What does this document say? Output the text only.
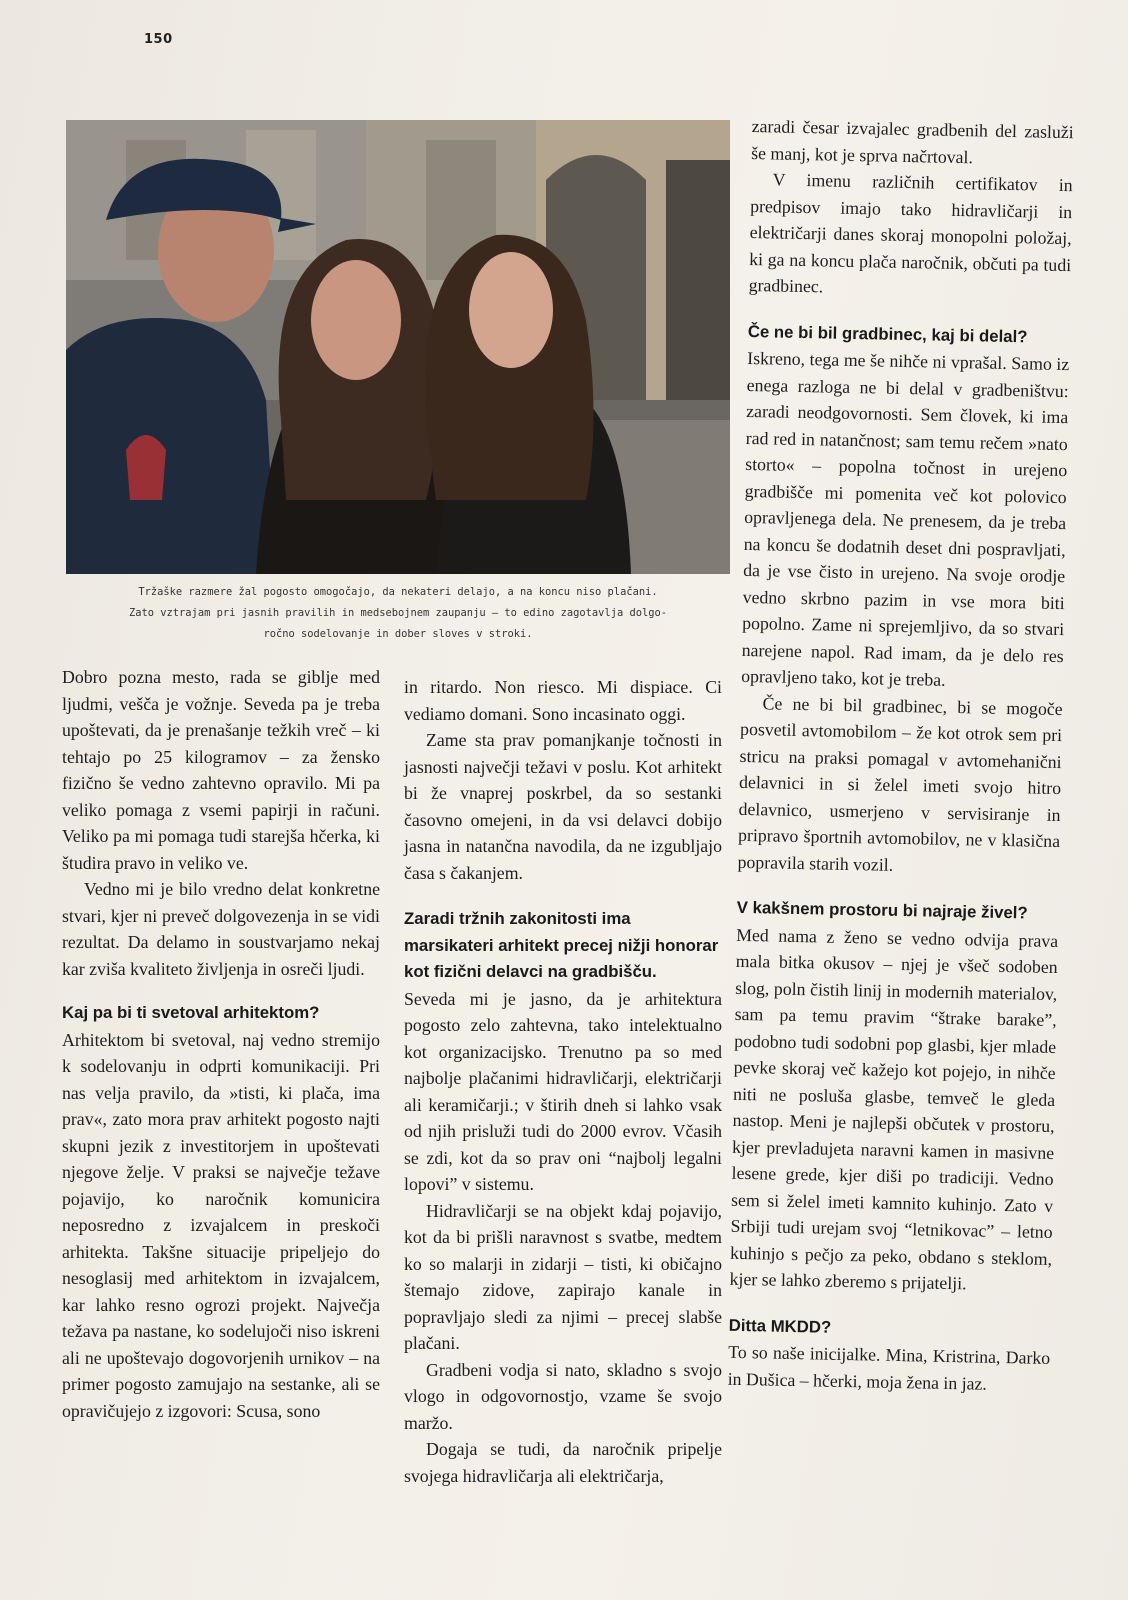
150
Tržaške razmere žal pogosto omogočajo, da nekateri delajo, a na koncu niso plačani.
Zato vztrajam pri jasnih pravilih in medsebojnem zaupanju – to edino zagotavlja dolgo-
ročno sodelovanje in dober sloves v stroki.

Dobro pozna mesto, rada se giblje med ljudmi, vešča je vožnje. Seveda pa je treba upoštevati, da je prenašanje težkih vreč – ki tehtajo po 25 kilogramov – za žensko fizično še vedno zahtevno opravilo. Mi pa veliko pomaga z vsemi papirji in računi. Veliko pa mi pomaga tudi starejša hčerka, ki študira pravo in veliko ve.

Vedno mi je bilo vredno delat konkretne stvari, kjer ni preveč dolgovezenja in se vidi rezultat. Da delamo in soustvarjamo nekaj kar zviša kvaliteto življenja in osreči ljudi.

Kaj pa bi ti svetoval arhitektom?

Arhitektom bi svetoval, naj vedno stremijo k sodelovanju in odprti komunikaciji. Pri nas velja pravilo, da »tisti, ki plača, ima prav«, zato mora prav arhitekt pogosto najti skupni jezik z investitorjem in upoštevati njegove želje. V praksi se največje težave pojavijo, ko naročnik komunicira neposredno z izvajalcem in preskoči arhitekta. Takšne situacije pripeljejo do nesoglasij med arhitektom in izvajalcem, kar lahko resno ogrozi projekt. Največja težava pa nastane, ko sodelujoči niso iskreni ali ne upoštevajo dogovorjenih urnikov – na primer pogosto zamujajo na sestanke, ali se opravičujejo z izgovori: Scusa, sono

in ritardo. Non riesco. Mi dispiace. Ci vediamo domani. Sono incasinato oggi.

Zame sta prav pomanjkanje točnosti in jasnosti največji težavi v poslu. Kot arhitekt bi že vnaprej poskrbel, da so sestanki časovno omejeni, in da vsi delavci dobijo jasna in natančna navodila, da ne izgubljajo časa s čakanjem.

Zaradi tržnih zakonitosti ima marsikateri arhitekt precej nižji honorar kot fizični delavci na gradbišču.

Seveda mi je jasno, da je arhitektura pogosto zelo zahtevna, tako intelektualno kot organizacijsko. Trenutno pa so med najbolje plačanimi hidravličarji, električarji ali keramičarji.; v štirih dneh si lahko vsak od njih prisluži tudi do 2000 evrov. Včasih se zdi, kot da so prav oni “najbolj legalni lopovi” v sistemu.

Hidravličarji se na objekt kdaj pojavijo, kot da bi prišli naravnost s svatbe, medtem ko so malarji in zidarji – tisti, ki običajno štemajo zidove, zapirajo kanale in popravljajo sledi za njimi – precej slabše plačani.

Gradbeni vodja si nato, skladno s svojo vlogo in odgovornostjo, vzame še svojo maržo.

Dogaja se tudi, da naročnik pripelje svojega hidravličarja ali električarja,

zaradi česar izvajalec gradbenih del zasluži še manj, kot je sprva načrtoval.

V imenu različnih certifikatov in predpisov imajo tako hidravličarji in električarji danes skoraj monopolni položaj, ki ga na koncu plača naročnik, občuti pa tudi gradbinec.

Če ne bi bil gradbinec, kaj bi delal?

Iskreno, tega me še nihče ni vprašal. Samo iz enega razloga ne bi delal v gradbeništvu: zaradi neodgovornosti. Sem človek, ki ima rad red in natančnost; sam temu rečem »nato storto« – popolna točnost in urejeno gradbišče mi pomenita več kot polovico opravljenega dela. Ne prenesem, da je treba na koncu še dodatnih deset dni pospravljati, da je vse čisto in urejeno. Na svoje orodje vedno skrbno pazim in vse mora biti popolno. Zame ni sprejemljivo, da so stvari narejene napol. Rad imam, da je delo res opravljeno tako, kot je treba.

Če ne bi bil gradbinec, bi se mogoče posvetil avtomobilom – že kot otrok sem pri stricu na praksi pomagal v avtomehanični delavnici in si želel imeti svojo hitro delavnico, usmerjeno v servisiranje in pripravo športnih avtomobilov, ne v klasična popravila starih vozil.

V kakšnem prostoru bi najraje živel?

Med nama z ženo se vedno odvija prava mala bitka okusov – njej je všeč sodoben slog, poln čistih linij in modernih materialov, sam pa temu pravim “štrake barake”, podobno tudi sodobni pop glasbi, kjer mlade pevke skoraj več kažejo kot pojejo, in nihče niti ne posluša glasbe, temveč le gleda nastop. Meni je najlepši občutek v prostoru, kjer prevladujeta naravni kamen in masivne lesene grede, kjer diši po tradiciji. Vedno sem si želel imeti kamnito kuhinjo. Zato v Srbiji tudi urejam svoj “letnikovac” – letno kuhinjo s pečjo za peko, obdano s steklom, kjer se lahko zberemo s prijatelji.

Ditta MKDD?

To so naše inicijalke. Mina, Kristrina, Darko in Dušica – hčerki, moja žena in jaz.
